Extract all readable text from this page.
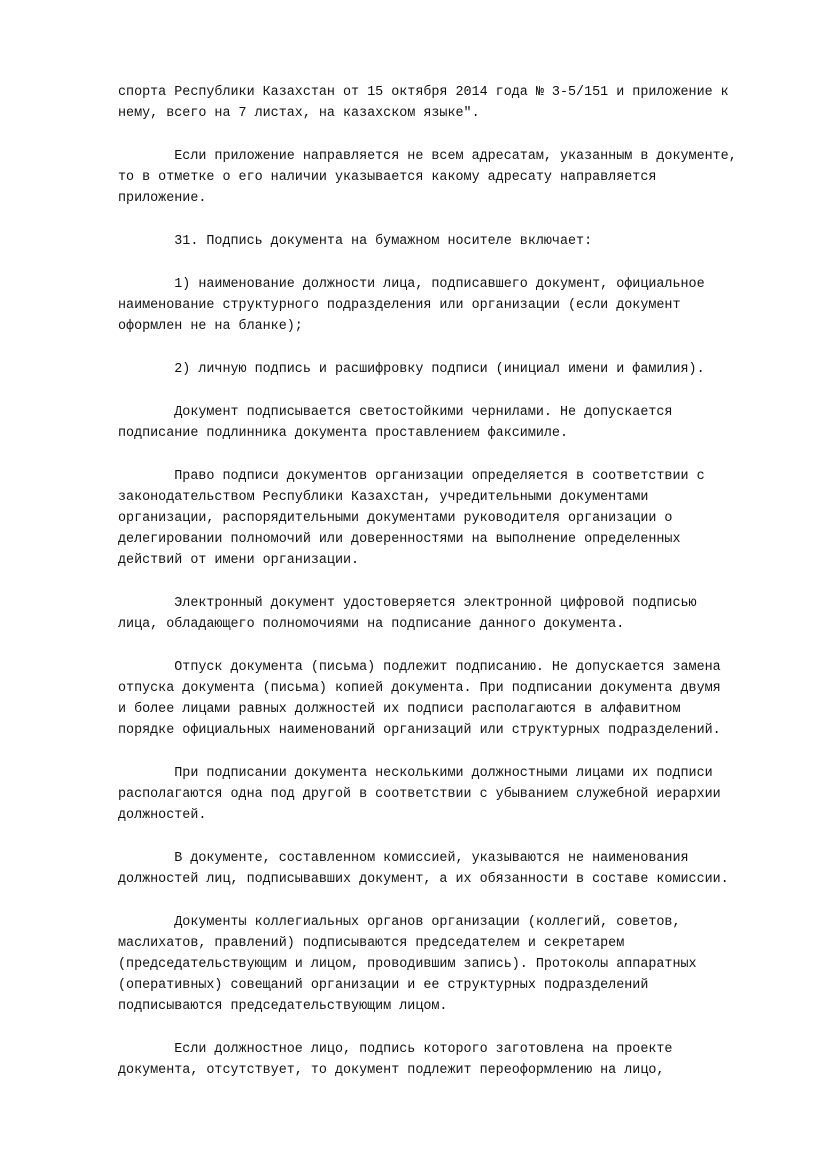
спорта Республики Казахстан от 15 октября 2014 года № 3-5/151 и приложение к
нему, всего на 7 листах, на казахском языке".

Если приложение направляется не всем адресатам, указанным в документе,
то в отметке о его наличии указывается какому адресату направляется
приложение.

31. Подпись документа на бумажном носителе включает:

1) наименование должности лица, подписавшего документ, официальное
наименование структурного подразделения или организации (если документ
оформлен не на бланке);

2) личную подпись и расшифровку подписи (инициал имени и фамилия).

Документ подписывается светостойкими чернилами. Не допускается
подписание подлинника документа проставлением факсимиле.

Право подписи документов организации определяется в соответствии с
законодательством Республики Казахстан, учредительными документами
организации, распорядительными документами руководителя организации о
делегировании полномочий или доверенностями на выполнение определенных
действий от имени организации.

Электронный документ удостоверяется электронной цифровой подписью
лица, обладающего полномочиями на подписание данного документа.

Отпуск документа (письма) подлежит подписанию. Не допускается замена
отпуска документа (письма) копией документа. При подписании документа двумя
и более лицами равных должностей их подписи располагаются в алфавитном
порядке официальных наименований организаций или структурных подразделений.

При подписании документа несколькими должностными лицами их подписи
располагаются одна под другой в соответствии с убыванием служебной иерархии
должностей.

В документе, составленном комиссией, указываются не наименования
должностей лиц, подписывавших документ, а их обязанности в составе комиссии.

Документы коллегиальных органов организации (коллегий, советов,
маслихатов, правлений) подписываются председателем и секретарем
(председательствующим и лицом, проводившим запись). Протоколы аппаратных
(оперативных) совещаний организации и ее структурных подразделений
подписываются председательствующим лицом.

Если должностное лицо, подпись которого заготовлена на проекте
документа, отсутствует, то документ подлежит переоформлению на лицо,
